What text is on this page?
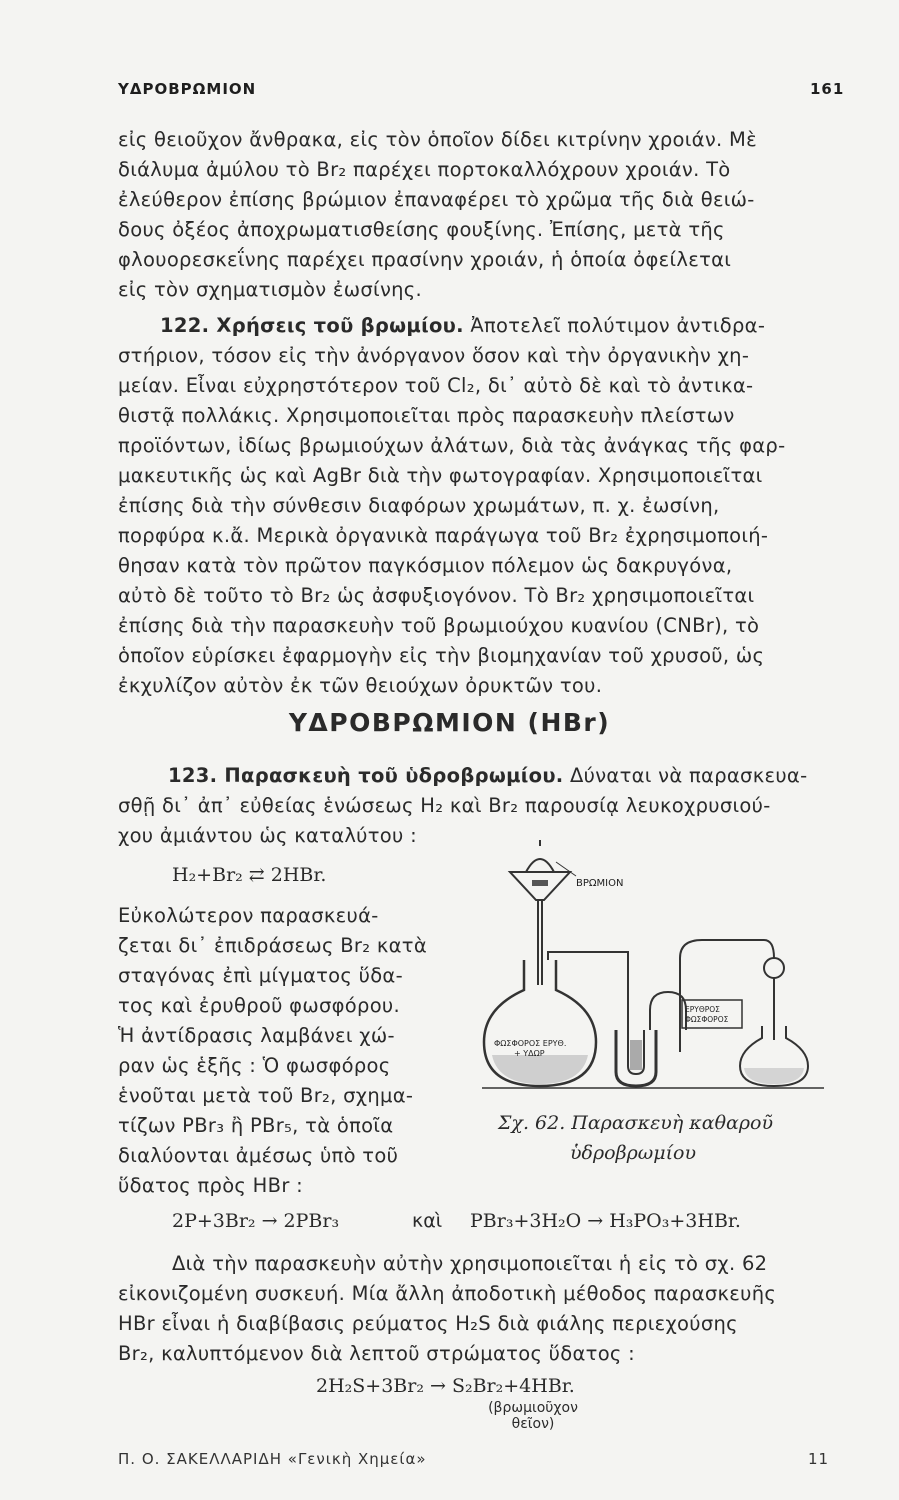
ΥΔΡΟΒΡΩΜΙΟΝ	161
εἰς θειοῦχον ἄνθρακα, εἰς τὸν ὁποῖον δίδει κιτρίνην χροιάν. Μὲ
διάλυμα ἀμύλου τὸ Br₂ παρέχει πορτοκαλλόχρουν χροιάν. Τὸ
ἐλεύθερον ἐπίσης βρώμιον ἐπαναφέρει τὸ χρῶμα τῆς διὰ θειώ-
δους ὀξέος ἀποχρωματισθείσης φουξίνης. Ἐπίσης, μετὰ τῆς
φλουορεσκεΐνης παρέχει πρασίνην χροιάν, ἡ ὁποία ὀφείλεται
εἰς τὸν σχηματισμὸν ἐωσίνης.
122. Χρήσεις τοῦ βρωμίου. Ἀποτελεῖ πολύτιμον ἀντιδρα-
στήριον, τόσον εἰς τὴν ἀνόργανον ὅσον καὶ τὴν ὀργανικὴν χη-
μείαν. Εἶναι εὐχρηστότερον τοῦ Cl₂, δι᾽ αὐτὸ δὲ καὶ τὸ ἀντικα-
θιστᾷ πολλάκις. Χρησιμοποιεῖται πρὸς παρασκευὴν πλείστων
προϊόντων, ἰδίως βρωμιούχων ἀλάτων, διὰ τὰς ἀνάγκας τῆς φαρ-
μακευτικῆς ὡς καὶ AgBr διὰ τὴν φωτογραφίαν. Χρησιμοποιεῖται
ἐπίσης διὰ τὴν σύνθεσιν διαφόρων χρωμάτων, π. χ. ἐωσίνη,
πορφύρα κ.ἄ. Μερικὰ ὀργανικὰ παράγωγα τοῦ Br₂ ἐχρησιμοποιή-
θησαν κατὰ τὸν πρῶτον παγκόσμιον πόλεμον ὡς δακρυγόνα,
αὐτὸ δὲ τοῦτο τὸ Br₂ ὡς ἀσφυξιογόνον. Τὸ Br₂ χρησιμοποιεῖται
ἐπίσης διὰ τὴν παρασκευὴν τοῦ βρωμιούχου κυανίου (CNBr), τὸ
ὁποῖον εὑρίσκει ἐφαρμογὴν εἰς τὴν βιομηχανίαν τοῦ χρυσοῦ, ὡς
ἐκχυλίζον αὐτὸν ἐκ τῶν θειούχων ὀρυκτῶν του.
ΥΔΡΟΒΡΩΜΙΟΝ (HBr)
123. Παρασκευὴ τοῦ ὑδροβρωμίου. Δύναται νὰ παρασκευα-
σθῇ δι᾽ ἀπ᾽ εὐθείας ἑνώσεως H₂ καὶ Br₂ παρουσίᾳ λευκοχρυσιού-
χου ἀμιάντου ὡς καταλύτου :
H₂+Br₂ ⇄ 2HBr.
Εὐκολώτερον παρασκευά-
ζεται δι᾽ ἐπιδράσεως Br₂ κατὰ
σταγόνας ἐπὶ μίγματος ὕδα-
τος καὶ ἐρυθροῦ φωσφόρου.
Ἡ ἀντίδρασις λαμβάνει χώ-
ραν ὡς ἑξῆς : Ὁ φωσφόρος
ἑνοῦται μετὰ τοῦ Br₂, σχημα-
τίζων PBr₃ ἢ PBr₅, τὰ ὁποῖα
διαλύονται ἀμέσως ὑπὸ τοῦ
ὕδατος πρὸς HBr :
2P+3Br₂ → 2PBr₃	καὶ PBr₃+3H₂O → H₃PO₃+3HBr.
Διὰ τὴν παρασκευὴν αὐτὴν χρησιμοποιεῖται ἡ εἰς τὸ σχ. 62
εἰκονιζομένη συσκευή. Μία ἄλλη ἀποδοτικὴ μέθοδος παρασκευῆς
HBr εἶναι ἡ διαβίβασις ρεύματος H₂S διὰ φιάλης περιεχούσης
Br₂, καλυπτόμενον διὰ λεπτοῦ στρώματος ὕδατος :
2H₂S+3Br₂ → S₂Br₂+4HBr.
(βρωμιοῦχον
θεῖον)
ΒΡΩΜΙΟΝ
ΦΩΣΦΟΡΟΣ ΕΡΥΘ.
+ ΥΔΩΡ
ΕΡΥΘΡΟΣ
ΦΩΣΦΟΡΟΣ
Σχ. 62. Παρασκευὴ καθαροῦ
ὑδροβρωμίου
Π. Ο. ΣΑΚΕΛΛΑΡΙΔΗ «Γενικὴ Χημεία»	11
